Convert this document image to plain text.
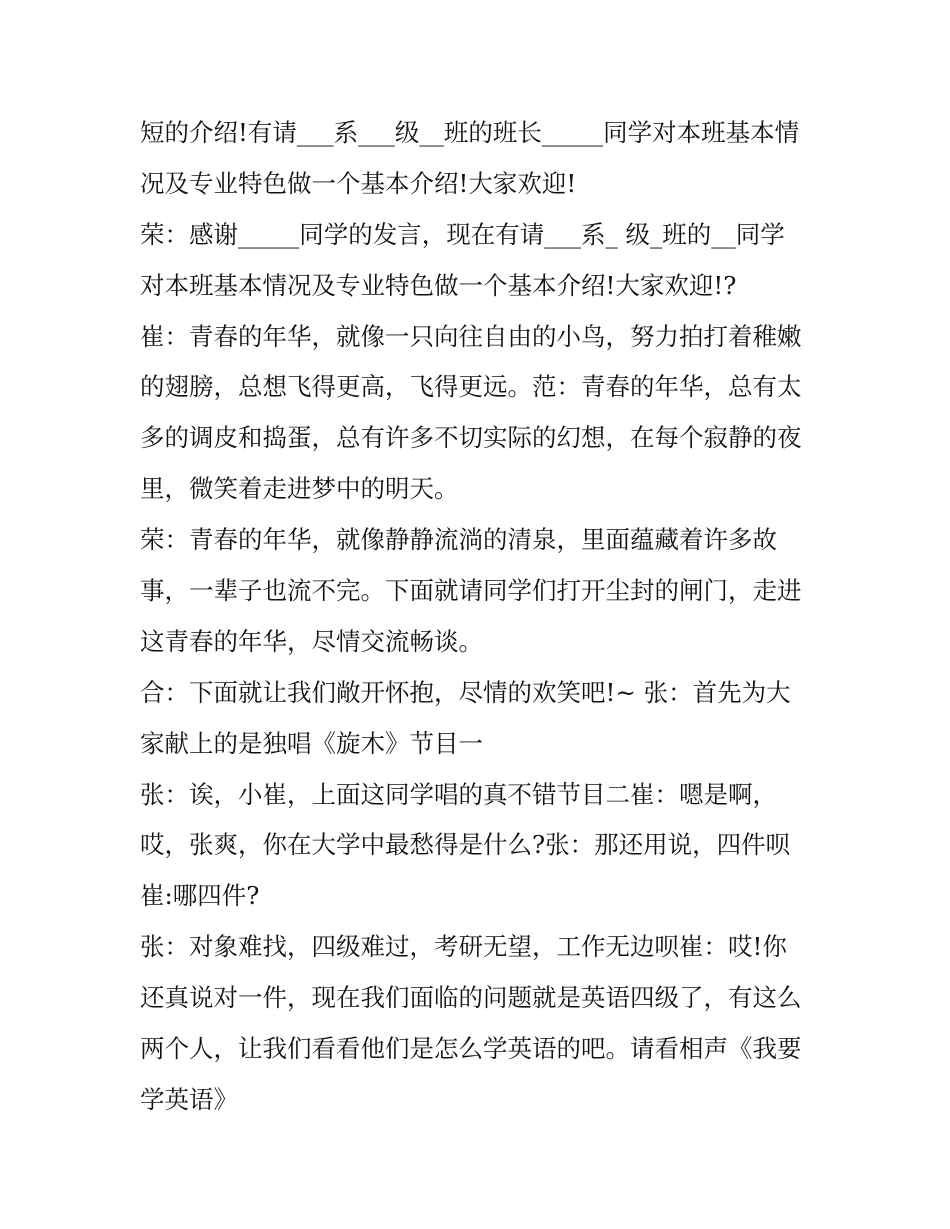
短的介绍!有请___系___级__班的班长_____同学对本班基本情
况及专业特色做一个基本介绍!大家欢迎!
荣：感谢_____同学的发言，现在有请___系_ 级_班的__同学
对本班基本情况及专业特色做一个基本介绍!大家欢迎!?
崔：青春的年华，就像一只向往自由的小鸟，努力拍打着稚嫩
的翅膀，总想飞得更高，飞得更远。范：青春的年华，总有太
多的调皮和捣蛋，总有许多不切实际的幻想，在每个寂静的夜
里，微笑着走进梦中的明天。
荣：青春的年华，就像静静流淌的清泉，里面蕴藏着许多故
事，一辈子也流不完。下面就请同学们打开尘封的闸门，走进
这青春的年华，尽情交流畅谈。
合：下面就让我们敞开怀抱，尽情的欢笑吧!~ 张：首先为大
家献上的是独唱《旋木》节目一
张：诶，小崔，上面这同学唱的真不错节目二崔：嗯是啊，
哎，张爽，你在大学中最愁得是什么?张：那还用说，四件呗
崔:哪四件?
张：对象难找，四级难过，考研无望，工作无边呗崔：哎!你
还真说对一件，现在我们面临的问题就是英语四级了，有这么
两个人，让我们看看他们是怎么学英语的吧。请看相声《我要
学英语》
